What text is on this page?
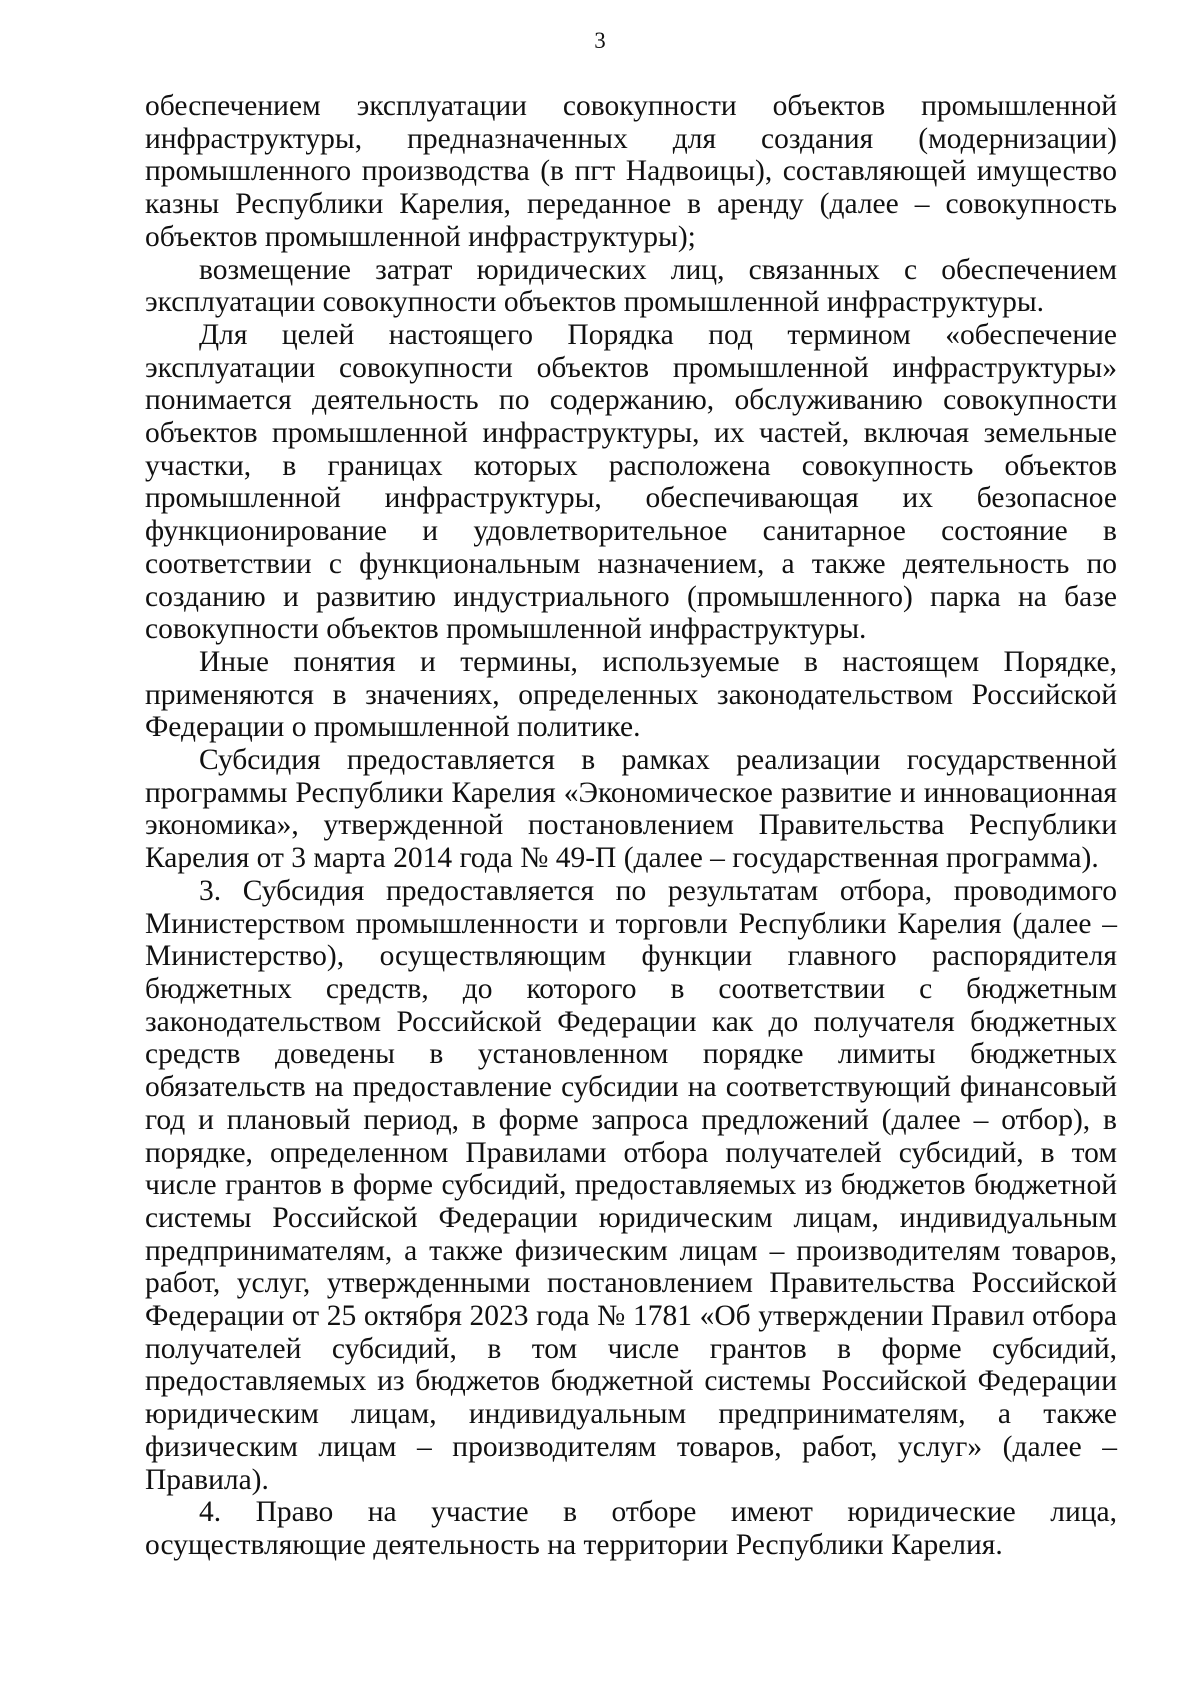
3

обеспечением эксплуатации совокупности объектов промышленной инфраструктуры, предназначенных для создания (модернизации) промышленного производства (в пгт Надвоицы), составляющей имущество казны Республики Карелия, переданное в аренду (далее – совокупность объектов промышленной инфраструктуры);

возмещение затрат юридических лиц, связанных с обеспечением эксплуатации совокупности объектов промышленной инфраструктуры.

Для целей настоящего Порядка под термином «обеспечение эксплуатации совокупности объектов промышленной инфраструктуры» понимается деятельность по содержанию, обслуживанию совокупности объектов промышленной инфраструктуры, их частей, включая земельные участки, в границах которых расположена совокупность объектов промышленной инфраструктуры, обеспечивающая их безопасное функционирование и удовлетворительное санитарное состояние в соответствии с функциональным назначением, а также деятельность по созданию и развитию индустриального (промышленного) парка на базе совокупности объектов промышленной инфраструктуры.

Иные понятия и термины, используемые в настоящем Порядке, применяются в значениях, определенных законодательством Российской Федерации о промышленной политике.

Субсидия предоставляется в рамках реализации государственной программы Республики Карелия «Экономическое развитие и инновационная экономика», утвержденной постановлением Правительства Республики Карелия от 3 марта 2014 года № 49-П (далее – государственная программа).

3. Субсидия предоставляется по результатам отбора, проводимого Министерством промышленности и торговли Республики Карелия (далее – Министерство), осуществляющим функции главного распорядителя бюджетных средств, до которого в соответствии с бюджетным законодательством Российской Федерации как до получателя бюджетных средств доведены в установленном порядке лимиты бюджетных обязательств на предоставление субсидии на соответствующий финансовый год и плановый период, в форме запроса предложений (далее – отбор), в порядке, определенном Правилами отбора получателей субсидий, в том числе грантов в форме субсидий, предоставляемых из бюджетов бюджетной системы Российской Федерации юридическим лицам, индивидуальным предпринимателям, а также физическим лицам – производителям товаров, работ, услуг, утвержденными постановлением Правительства Российской Федерации от 25 октября 2023 года № 1781 «Об утверждении Правил отбора получателей субсидий, в том числе грантов в форме субсидий, предоставляемых из бюджетов бюджетной системы Российской Федерации юридическим лицам, индивидуальным предпринимателям, а также физическим лицам – производителям товаров, работ, услуг» (далее – Правила).

4. Право на участие в отборе имеют юридические лица, осуществляющие деятельность на территории Республики Карелия.
